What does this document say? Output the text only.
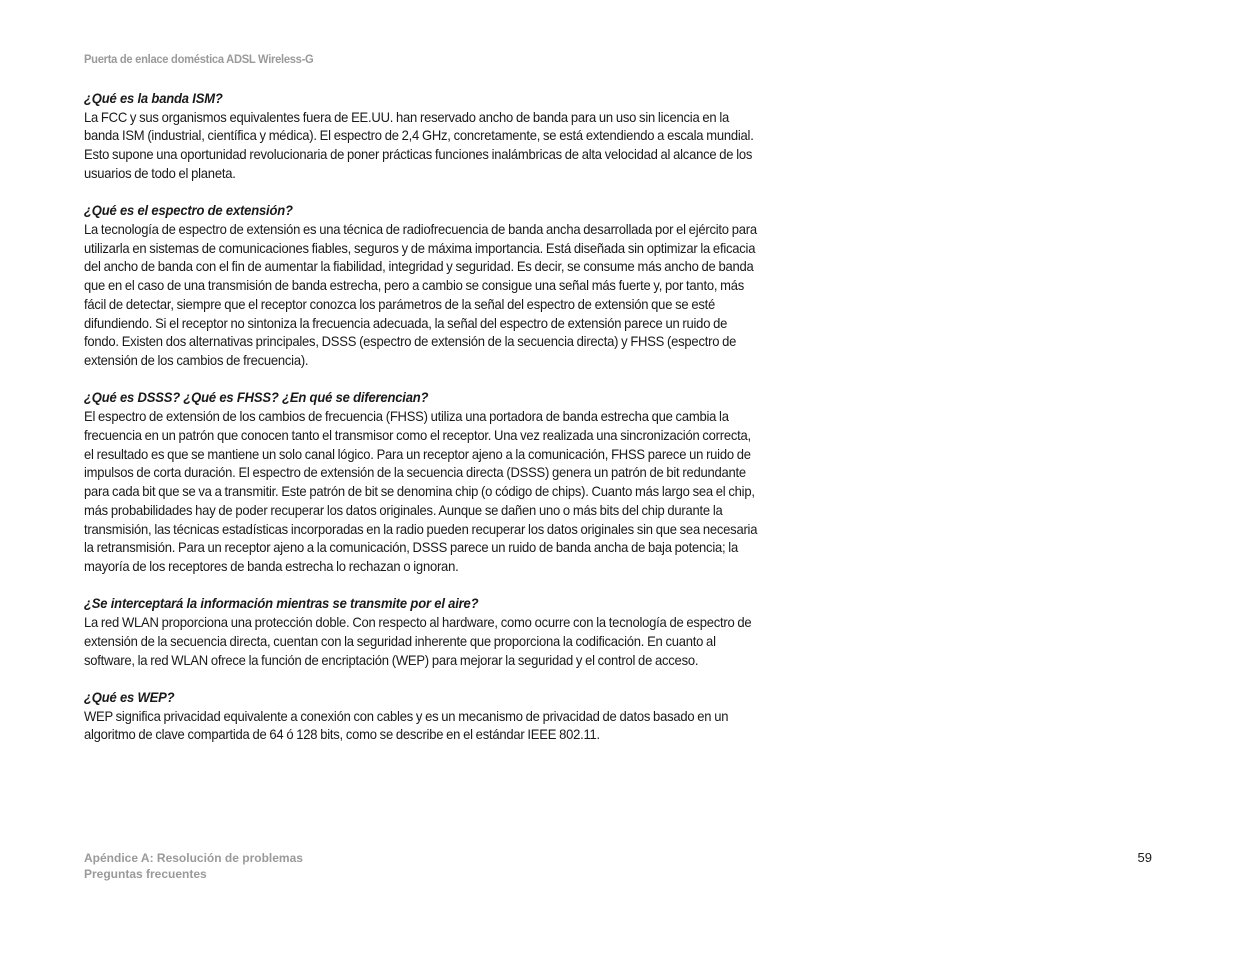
Puerta de enlace doméstica ADSL Wireless-G

¿Qué es la banda ISM?

La FCC y sus organismos equivalentes fuera de EE.UU. han reservado ancho de banda para un uso sin licencia en la banda ISM (industrial, científica y médica). El espectro de 2,4 GHz, concretamente, se está extendiendo a escala mundial. Esto supone una oportunidad revolucionaria de poner prácticas funciones inalámbricas de alta velocidad al alcance de los usuarios de todo el planeta.

¿Qué es el espectro de extensión?

La tecnología de espectro de extensión es una técnica de radiofrecuencia de banda ancha desarrollada por el ejército para utilizarla en sistemas de comunicaciones fiables, seguros y de máxima importancia. Está diseñada sin optimizar la eficacia del ancho de banda con el fin de aumentar la fiabilidad, integridad y seguridad. Es decir, se consume más ancho de banda que en el caso de una transmisión de banda estrecha, pero a cambio se consigue una señal más fuerte y, por tanto, más fácil de detectar, siempre que el receptor conozca los parámetros de la señal del espectro de extensión que se esté difundiendo. Si el receptor no sintoniza la frecuencia adecuada, la señal del espectro de extensión parece un ruido de fondo. Existen dos alternativas principales, DSSS (espectro de extensión de la secuencia directa) y FHSS (espectro de extensión de los cambios de frecuencia).

¿Qué es DSSS? ¿Qué es FHSS? ¿En qué se diferencian?

El espectro de extensión de los cambios de frecuencia (FHSS) utiliza una portadora de banda estrecha que cambia la frecuencia en un patrón que conocen tanto el transmisor como el receptor. Una vez realizada una sincronización correcta, el resultado es que se mantiene un solo canal lógico. Para un receptor ajeno a la comunicación, FHSS parece un ruido de impulsos de corta duración. El espectro de extensión de la secuencia directa (DSSS) genera un patrón de bit redundante para cada bit que se va a transmitir. Este patrón de bit se denomina chip (o código de chips). Cuanto más largo sea el chip, más probabilidades hay de poder recuperar los datos originales. Aunque se dañen uno o más bits del chip durante la transmisión, las técnicas estadísticas incorporadas en la radio pueden recuperar los datos originales sin que sea necesaria la retransmisión. Para un receptor ajeno a la comunicación, DSSS parece un ruido de banda ancha de baja potencia; la mayoría de los receptores de banda estrecha lo rechazan o ignoran.

¿Se interceptará la información mientras se transmite por el aire?

La red WLAN proporciona una protección doble. Con respecto al hardware, como ocurre con la tecnología de espectro de extensión de la secuencia directa, cuentan con la seguridad inherente que proporciona la codificación. En cuanto al software, la red WLAN ofrece la función de encriptación (WEP) para mejorar la seguridad y el control de acceso.

¿Qué es WEP?

WEP significa privacidad equivalente a conexión con cables y es un mecanismo de privacidad de datos basado en un algoritmo de clave compartida de 64 ó 128 bits, como se describe en el estándar IEEE 802.11.

Apéndice A: Resolución de problemas
Preguntas frecuentes
59
